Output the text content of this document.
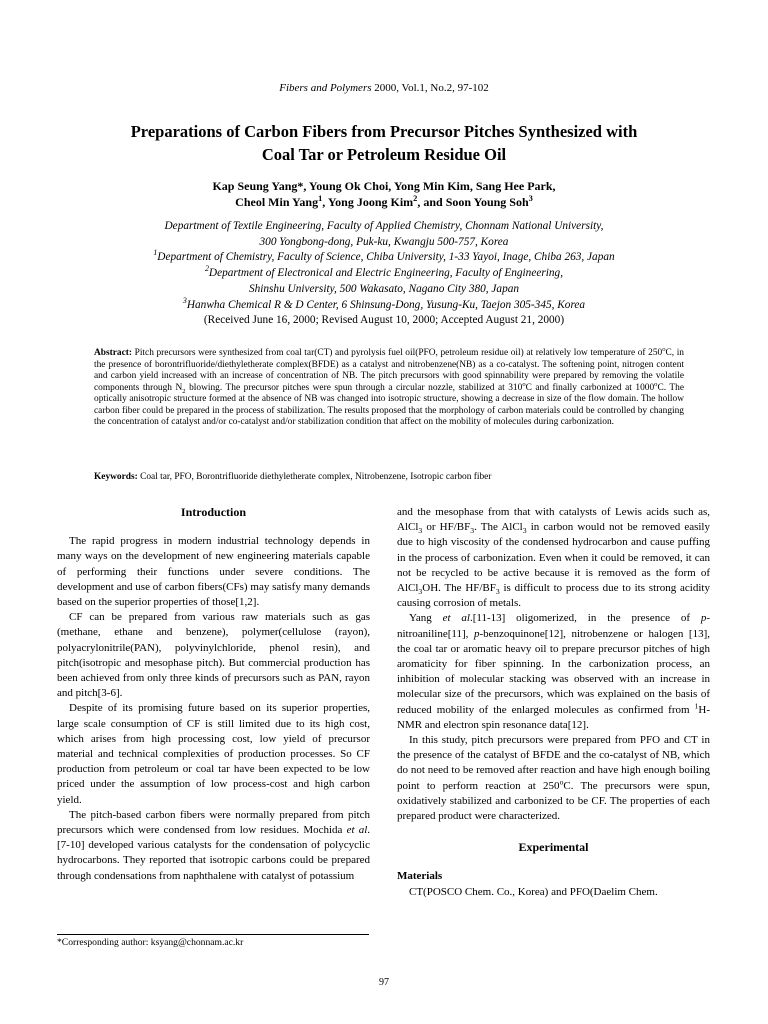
Fibers and Polymers 2000, Vol.1, No.2, 97-102
Preparations of Carbon Fibers from Precursor Pitches Synthesized with
Coal Tar or Petroleum Residue Oil
Kap Seung Yang*, Young Ok Choi, Yong Min Kim, Sang Hee Park,
Cheol Min Yang$^1$, Yong Joong Kim$^2$, and Soon Young Soh$^3$
Department of Textile Engineering, Faculty of Applied Chemistry, Chonnam National University,
300 Yongbong-dong, Puk-ku, Kwangju 500-757, Korea
$^1$Department of Chemistry, Faculty of Science, Chiba University, 1-33 Yayoi, Inage, Chiba 263, Japan
$^2$Department of Electronical and Electric Engineering, Faculty of Engineering,
Shinshu University, 500 Wakasato, Nagano City 380, Japan
$^3$Hanwha Chemical R & D Center, 6 Shinsung-Dong, Yusung-Ku, Taejon 305-345, Korea
(Received June 16, 2000; Revised August 10, 2000; Accepted August 21, 2000)
Abstract: Pitch precursors were synthesized from coal tar(CT) and pyrolysis fuel oil(PFO, petroleum residue oil) at relatively low temperature of 250$^o$C, in the presence of borontrifluoride/diethyletherate complex(BFDE) as a catalyst and nitrobenzene(NB) as a co-catalyst. The softening point, nitrogen content and carbon yield increased with an increase of concentration of NB. The pitch precursors with good spinnability were prepared by removing the volatile components through $N_2$ blowing. The precursor pitches were spun through a circular nozzle, stabilized at 310$^o$C and finally carbonized at 1000$^o$C. The optically anisotropic structure formed at the absence of NB was changed into isotropic structure, showing a decrease in size of the flow domain. The hollow carbon fiber could be prepared in the process of stabilization. The results proposed that the morphology of carbon materials could be controlled by changing the concentration of catalyst and/or co-catalyst and/or stabilization condition that affect on the mobility of molecules during carbonization.
Keywords: Coal tar, PFO, Borontrifluoride diethyletherate complex, Nitrobenzene, Isotropic carbon fiber
Introduction

The rapid progress in modern industrial technology depends in many ways on the development of new engineering materials capable of performing their functions under severe conditions. The development and use of carbon fibers(CFs) may satisfy many demands based on the superior properties of those[1,2].

CF can be prepared from various raw materials such as gas (methane, ethane and benzene), polymer(cellulose (rayon), polyacrylonitrile(PAN), polyvinylchloride, phenol resin), and pitch(isotropic and mesophase pitch). But commercial production has been achieved from only three kinds of precursors such as PAN, rayon and pitch[3-6].

Despite of its promising future based on its superior properties, large scale consumption of CF is still limited due to its high cost, which arises from high processing cost, low yield of precursor material and technical complexities of production processes. So CF production from petroleum or coal tar have been expected to be low priced under the assumption of low process-cost and high carbon yield.

The pitch-based carbon fibers were normally prepared from pitch precursors which were condensed from low residues. Mochida et al.[7-10] developed various catalysts for the condensation of polycyclic hydrocarbons. They reported that isotropic carbons could be prepared through condensations from naphthalene with catalyst of potassium

and the mesophase from that with catalysts of Lewis acids such as, AlCl$_3$ or $HF/BF_3$. The AlCl$_3$ in carbon would not be removed easily due to high viscosity of the condensed hydrocarbon and cause puffing in the process of carbonization. Even when it could be removed, it can not be recycled to be active because it is removed as the form of AlCl$_3$OH. The $HF/BF_3$ is difficult to process due to its strong acidity causing corrosion of metals.

Yang et al.[11-13] oligomerized, in the presence of p-nitroaniline[11], p-benzoquinone[12], nitrobenzene or halogen [13], the coal tar or aromatic heavy oil to prepare precursor pitches of high aromaticity for fiber spinning. In the carbonization process, an inhibition of molecular stacking was observed with an increase in molecular size of the precursors, which was explained on the basis of reduced mobility of the enlarged molecules as confirmed from $^1$H-NMR and electron spin resonance data[12].

In this study, pitch precursors were prepared from PFO and CT in the presence of the catalyst of BFDE and the co-catalyst of NB, which do not need to be removed after reaction and have high enough boiling point to perform reaction at 250$^o$C. The precursors were spun, oxidatively stabilized and carbonized to be CF. The properties of each prepared product were characterized.

Experimental
Materials

CT(POSCO Chem. Co., Korea) and PFO(Daelim Chem.

*Corresponding author: ksyang@chonnam.ac.kr
97
